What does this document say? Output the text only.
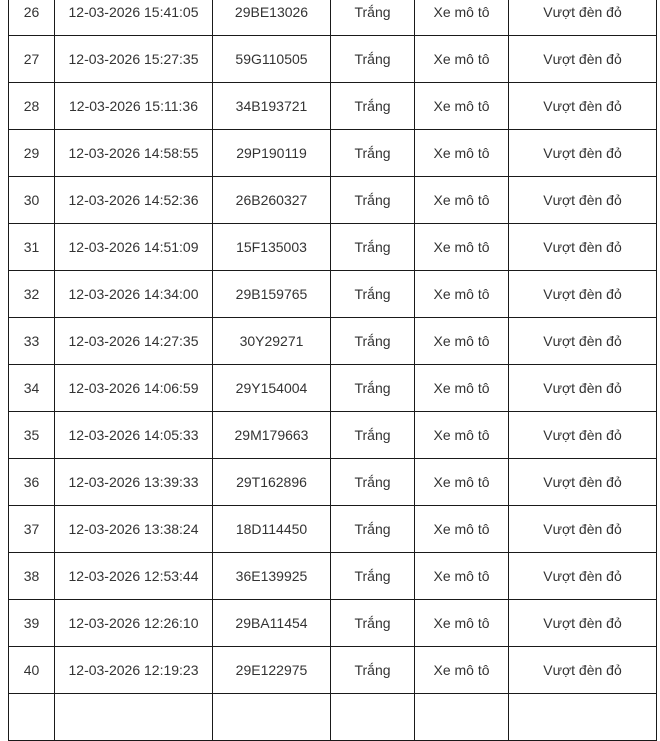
26	12-03-2026 15:41:05	29BE13026	Trắng	Xe mô tô	Vượt đèn đỏ
27	12-03-2026 15:27:35	59G110505	Trắng	Xe mô tô	Vượt đèn đỏ
28	12-03-2026 15:11:36	34B193721	Trắng	Xe mô tô	Vượt đèn đỏ
29	12-03-2026 14:58:55	29P190119	Trắng	Xe mô tô	Vượt đèn đỏ
30	12-03-2026 14:52:36	26B260327	Trắng	Xe mô tô	Vượt đèn đỏ
31	12-03-2026 14:51:09	15F135003	Trắng	Xe mô tô	Vượt đèn đỏ
32	12-03-2026 14:34:00	29B159765	Trắng	Xe mô tô	Vượt đèn đỏ
33	12-03-2026 14:27:35	30Y29271	Trắng	Xe mô tô	Vượt đèn đỏ
34	12-03-2026 14:06:59	29Y154004	Trắng	Xe mô tô	Vượt đèn đỏ
35	12-03-2026 14:05:33	29M179663	Trắng	Xe mô tô	Vượt đèn đỏ
36	12-03-2026 13:39:33	29T162896	Trắng	Xe mô tô	Vượt đèn đỏ
37	12-03-2026 13:38:24	18D114450	Trắng	Xe mô tô	Vượt đèn đỏ
38	12-03-2026 12:53:44	36E139925	Trắng	Xe mô tô	Vượt đèn đỏ
39	12-03-2026 12:26:10	29BA11454	Trắng	Xe mô tô	Vượt đèn đỏ
40	12-03-2026 12:19:23	29E122975	Trắng	Xe mô tô	Vượt đèn đỏ
